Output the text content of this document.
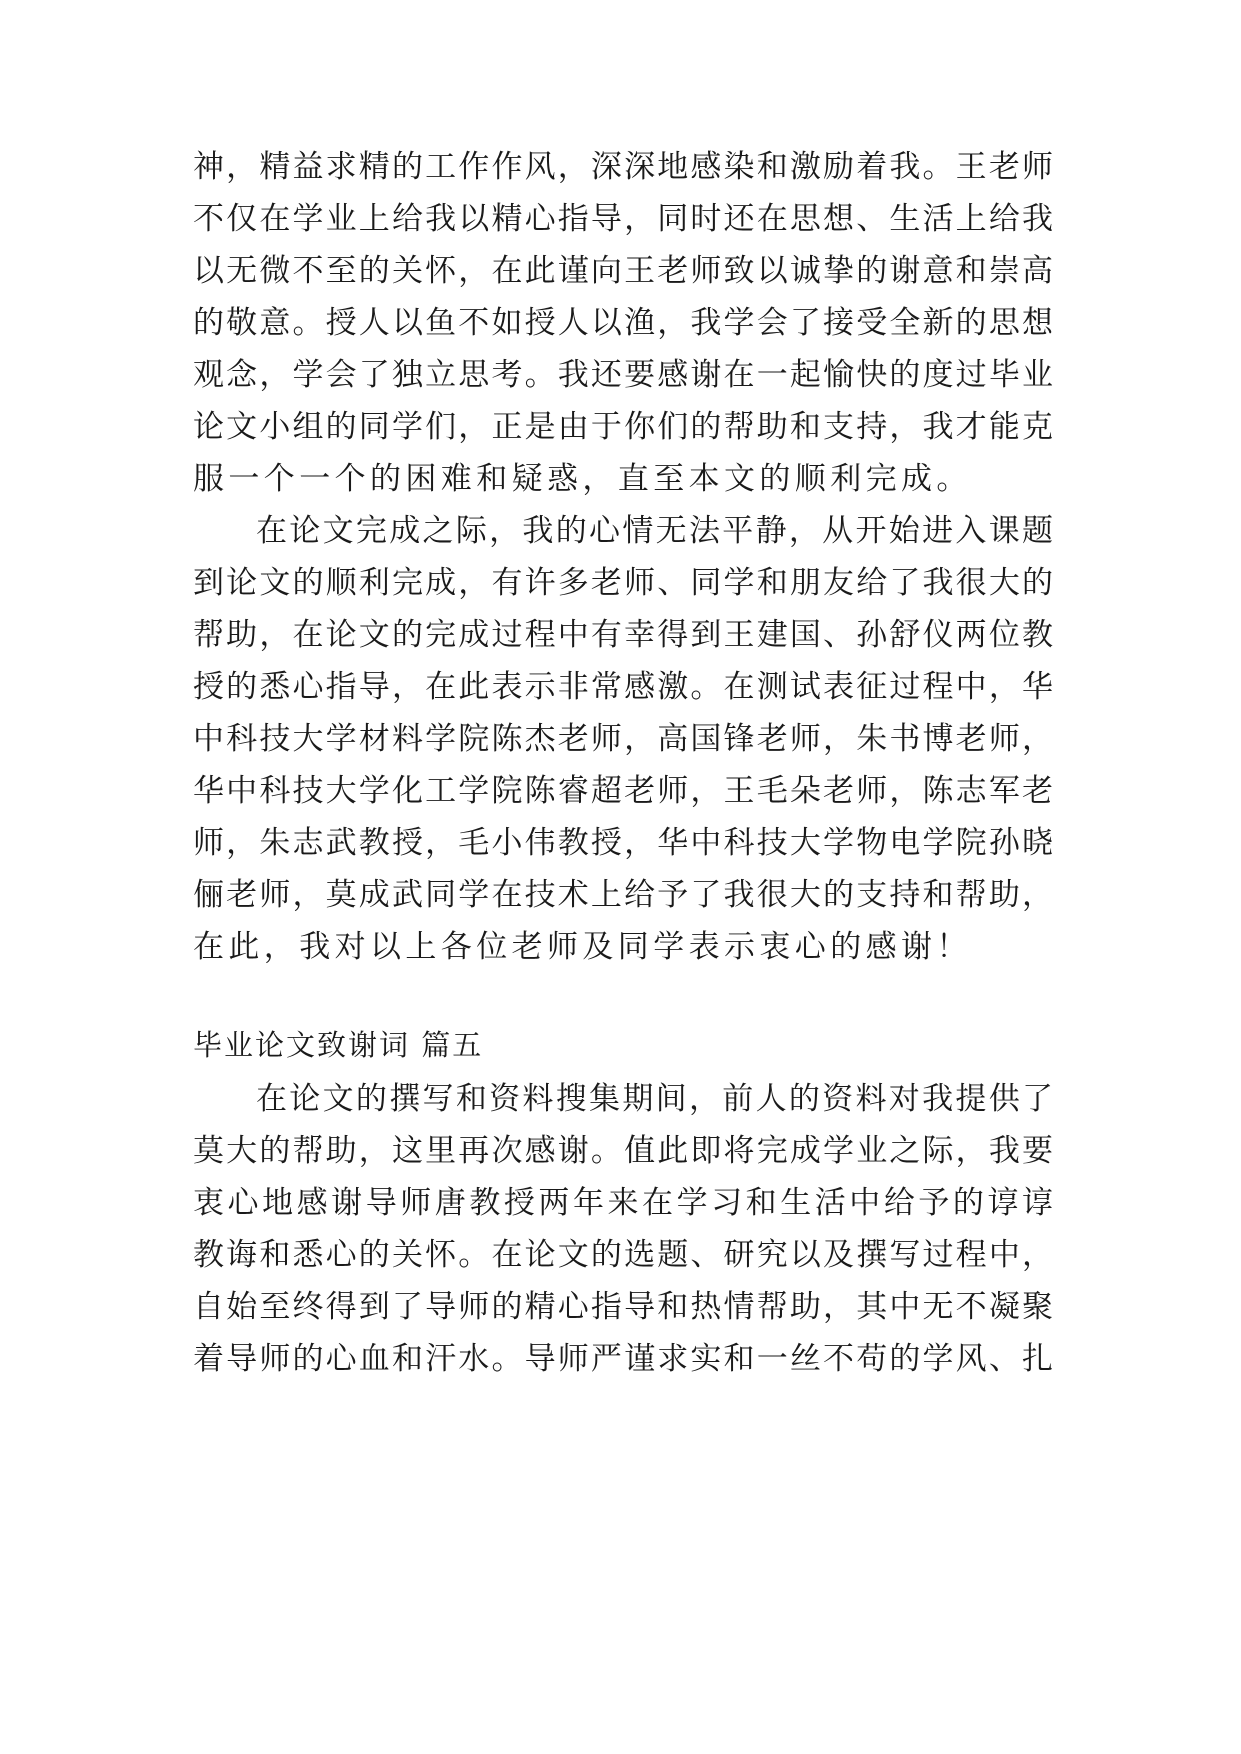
神，精益求精的工作作风，深深地感染和激励着我。王老师
不仅在学业上给我以精心指导，同时还在思想、生活上给我
以无微不至的关怀，在此谨向王老师致以诚挚的谢意和崇高
的敬意。授人以鱼不如授人以渔，我学会了接受全新的思想
观念，学会了独立思考。我还要感谢在一起愉快的度过毕业
论文小组的同学们，正是由于你们的帮助和支持，我才能克
服一个一个的困难和疑惑，直至本文的顺利完成。
在论文完成之际，我的心情无法平静，从开始进入课题
到论文的顺利完成，有许多老师、同学和朋友给了我很大的
帮助，在论文的完成过程中有幸得到王建国、孙舒仪两位教
授的悉心指导，在此表示非常感激。在测试表征过程中，华
中科技大学材料学院陈杰老师，高国锋老师，朱书博老师，
华中科技大学化工学院陈睿超老师，王毛朵老师，陈志军老
师，朱志武教授，毛小伟教授，华中科技大学物电学院孙晓
俪老师，莫成武同学在技术上给予了我很大的支持和帮助，
在此，我对以上各位老师及同学表示衷心的感谢！
毕业论文致谢词 篇五
在论文的撰写和资料搜集期间，前人的资料对我提供了
莫大的帮助，这里再次感谢。值此即将完成学业之际，我要
衷心地感谢导师唐教授两年来在学习和生活中给予的谆谆
教诲和悉心的关怀。在论文的选题、研究以及撰写过程中，
自始至终得到了导师的精心指导和热情帮助，其中无不凝聚
着导师的心血和汗水。导师严谨求实和一丝不苟的学风、扎
